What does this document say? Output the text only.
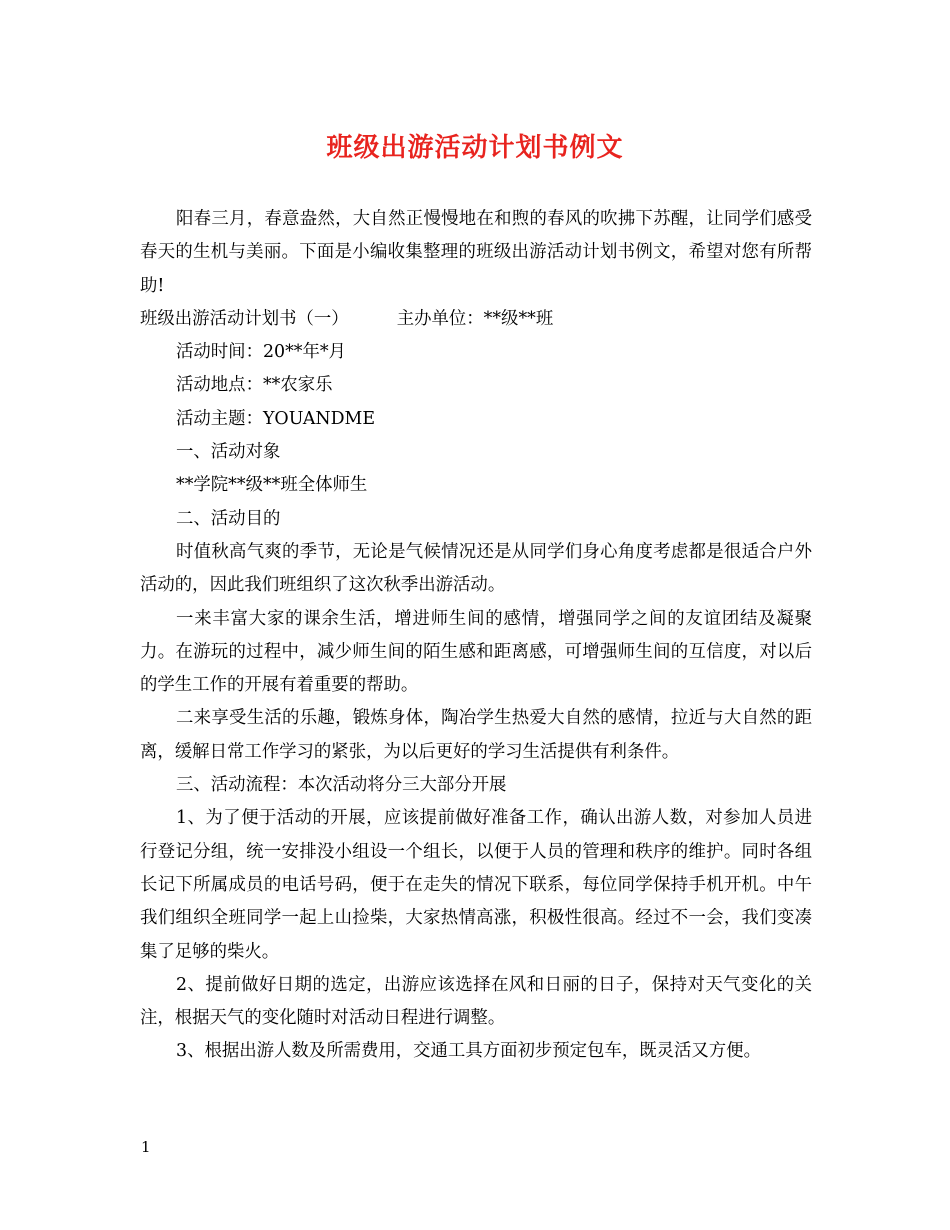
班级出游活动计划书例文

阳春三月，春意盎然，大自然正慢慢地在和煦的春风的吹拂下苏醒，让同学们感受春天的生机与美丽。下面是小编收集整理的班级出游活动计划书例文，希望对您有所帮助!

班级出游活动计划书（一）	主办单位：**级**班

活动时间：20**年*月

活动地点：**农家乐

活动主题：YOUANDME

一、活动对象

**学院**级**班全体师生

二、活动目的

时值秋高气爽的季节，无论是气候情况还是从同学们身心角度考虑都是很适合户外活动的，因此我们班组织了这次秋季出游活动。

一来丰富大家的课余生活，增进师生间的感情，增强同学之间的友谊团结及凝聚力。在游玩的过程中，减少师生间的陌生感和距离感，可增强师生间的互信度，对以后的学生工作的开展有着重要的帮助。

二来享受生活的乐趣，锻炼身体，陶冶学生热爱大自然的感情，拉近与大自然的距离，缓解日常工作学习的紧张，为以后更好的学习生活提供有利条件。

三、活动流程：本次活动将分三大部分开展

1、为了便于活动的开展，应该提前做好准备工作，确认出游人数，对参加人员进行登记分组，统一安排没小组设一个组长，以便于人员的管理和秩序的维护。同时各组长记下所属成员的电话号码，便于在走失的情况下联系，每位同学保持手机开机。中午我们组织全班同学一起上山捡柴，大家热情高涨，积极性很高。经过不一会，我们变凑集了足够的柴火。

2、提前做好日期的选定，出游应该选择在风和日丽的日子，保持对天气变化的关注，根据天气的变化随时对活动日程进行调整。

3、根据出游人数及所需费用，交通工具方面初步预定包车，既灵活又方便。

1
